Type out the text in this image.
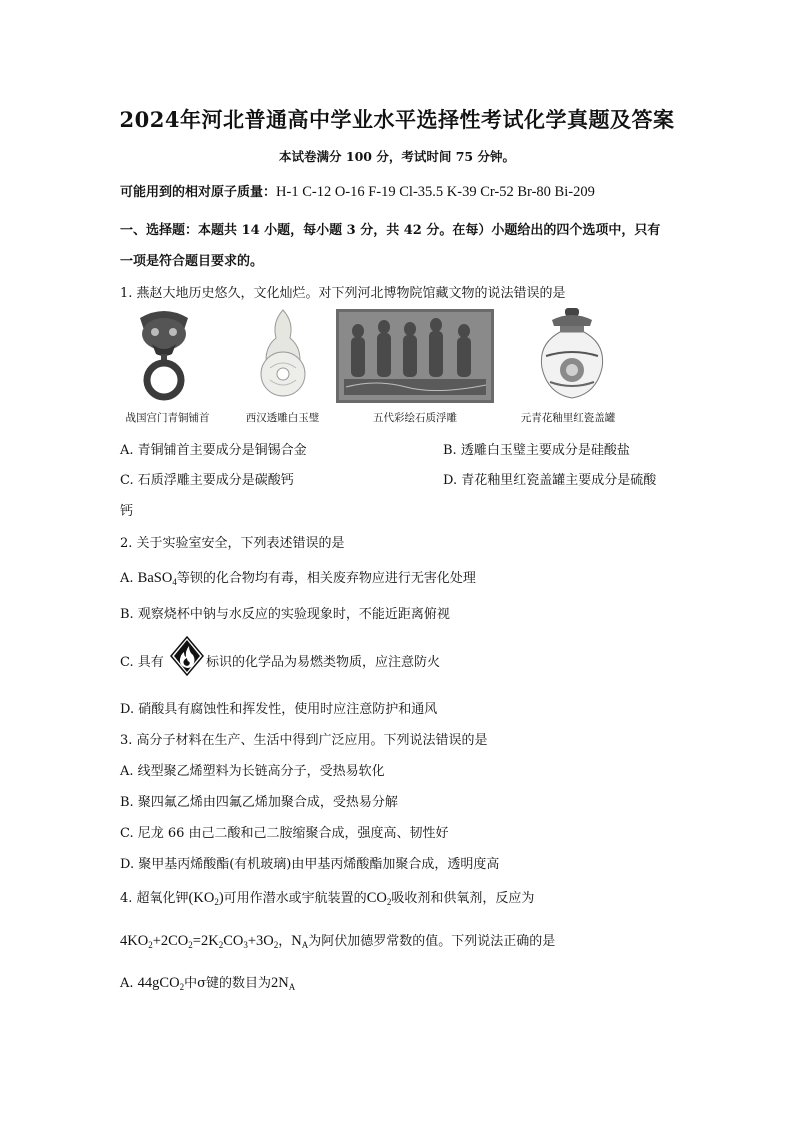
2024年河北普通高中学业水平选择性考试化学真题及答案
本试卷满分 100 分，考试时间 75 分钟。
可能用到的相对原子质量：H-1 C-12 O-16 F-19 Cl-35.5 K-39 Cr-52 Br-80 Bi-209
一、选择题：本题共 14 小题，每小题 3 分，共 42 分。在每）小题给出的四个选项中，只有
一项是符合题目要求的。
1. 燕赵大地历史悠久，文化灿烂。对下列河北博物院馆藏文物的说法错误的是
战国宫门青铜铺首	西汉透雕白玉璧	五代彩绘石质浮雕	元青花釉里红瓷盖罐
A. 青铜铺首主要成分是铜锡合金	B. 透雕白玉璧主要成分是硅酸盐
C. 石质浮雕主要成分是碳酸钙	D. 青花釉里红瓷盖罐主要成分是硫酸
钙
2. 关于实验室安全，下列表述错误的是
A. BaSO$_4$等钡的化合物均有毒，相关废弃物应进行无害化处理
B. 观察烧杯中钠与水反应的实验现象时，不能近距离俯视
C. 具有	标识的化学品为易燃类物质，应注意防火
D. 硝酸具有腐蚀性和挥发性，使用时应注意防护和通风
3. 高分子材料在生产、生活中得到广泛应用。下列说法错误的是
A. 线型聚乙烯塑料为长链高分子，受热易软化
B. 聚四氟乙烯由四氟乙烯加聚合成，受热易分解
C. 尼龙 66 由己二酸和己二胺缩聚合成，强度高、韧性好
D. 聚甲基丙烯酸酯(有机玻璃)由甲基丙烯酸酯加聚合成，透明度高
4. 超氧化钾$(KO_2)$可用作潜水或宇航装置的$CO_2$吸收剂和供氧剂，反应为
$4KO_2+2CO_2=2K_2CO_3+3O_2$，$N_A$为阿伏加德罗常数的值。下列说法正确的是
A. 44gCO$_2$中σ键的数目为$2N_A$
